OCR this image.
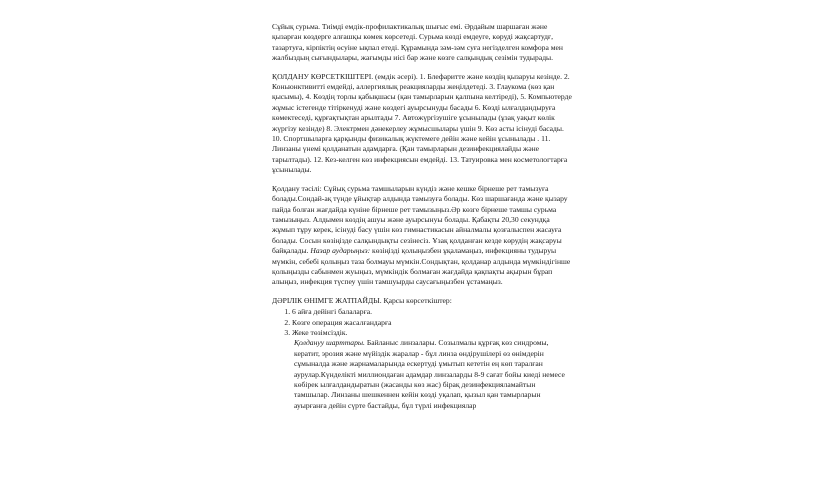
Сұйық сурьма. Тиімді емдік-профилактикалық шығыс емі. Әрдайым шаршаған және қызарған көздерге алғашқы көмек көрсетеді. Сурьма көзді емдеуге, көруді жақсартудғ, тазартуға, кірпіктің өсуіне ықпал етеді. Құрамында зәм-зәм суға негізделген комфора мен жалбыздың сығындылары, жағымды иісі бар және көзге салқындық сезімін тудырады.

ҚОЛДАНУ КӨРСЕТКІШТЕРІ. (емдік әсері). 1. Блефаритте және көздің қызаруы кезінде. 2. Коньюнктивитті емдейді, аллергиялық реакцияларды жеңілдетеді. 3. Глаукома (көз қан қысымы), 4. Көздің торлы қабықшасы (қан тамырларын қалпына келтіреді), 5. Компьютерде жұмыс істегенде тітіркенуді және көздегі ауырсынуды басады 6. Көзді ылғалдандыруға көмектеседі, құрғақтықтан арылтады 7. Автожүргізушіге ұсынылады (ұзақ уақыт көлік жүргізу кезінде) 8. Электрмен дәнекерлеу жұмысшылары үшін 9. Көз асты ісінуді басады. 10. Спортшыларға қарқынды физикалық жүктемеге дейін және кейін ұсынылады . 11. Линзаны үнемі қолданатын адамдарға. (Қан тамырларын дезинфекциялайды және тарылтады). 12. Кез-келген көз инфекциясын емдейді. 13. Татуировка мен косметологтарға ұсынылады.

Қолдану тәсілі: Сұйық сурьма тамшыларын күндіз және кешке бірнеше рет тамызуға болады.Сондай-ақ түнде ұйықтар алдында тамызуға болады. Көз шаршағанда және қызару пайда болған жағдайда күніне бірнеше рет тамызыңыз.Әр көзге бірнеше тамшы сурьма тамызыңыз. Алдымен көздің ашуы және ауырсынуы болады. Қабақты 20,30 секундқа жұмып тұру керек, ісінуді басу үшін көз гимнастикасын айналмалы қозғалыспен жасауға болады. Сосын көзіңізде салқындықты сезінесіз. Ұзақ қолданған кезде көрудің жақсаруы байқалады. Назар аударыңыз: көзіңізді қолыңызбен ұқаламаңыз, инфекцияны тудыруы мүмкін, себебі қолыңыз таза болмауы мүмкін.Сондықтан, қолданар алдында мүмкіндігінше қолыңызды сабынмен жуыңыз, мүмкіндік болмаған жағдайда қақпақты ақырын бұрап алыңыз, инфекция түспеу үшін тамшуырды саусағыңызбен ұстамаңыз.

ДӘРІЛІК ӨНІМГЕ ЖАТПАЙДЫ. Қарсы көрсеткіштер:

1. 6 айға дейінгі балаларға.
2. Көзге операция жасалғандарға
3. Жеке төзімсіздік.
Қолдануу шарттары. Байланыс линзалары. Созылмалы құрғақ көз синдромы, кератит, эрозия және мүйіздік жаралар - бұл линза өндірушілері өз өнімдерін сұмыналда және жарнамаларында ескертуді ұмытып кететін ең көп таралған аурулар.Күнделікті миллиондаған адамдар линзаларды 8-9 сағат бойы киеді немесе көбірек ылғалдандыратын (жасанды көз жас) бірақ дезинфекцияламайтын тамшылар. Линзаны шешкеннен кейін көзді уқалап, қызыл қан тамырларын ауырғанға дейін сүрте бастайды, бұл түрлі инфекциялар
